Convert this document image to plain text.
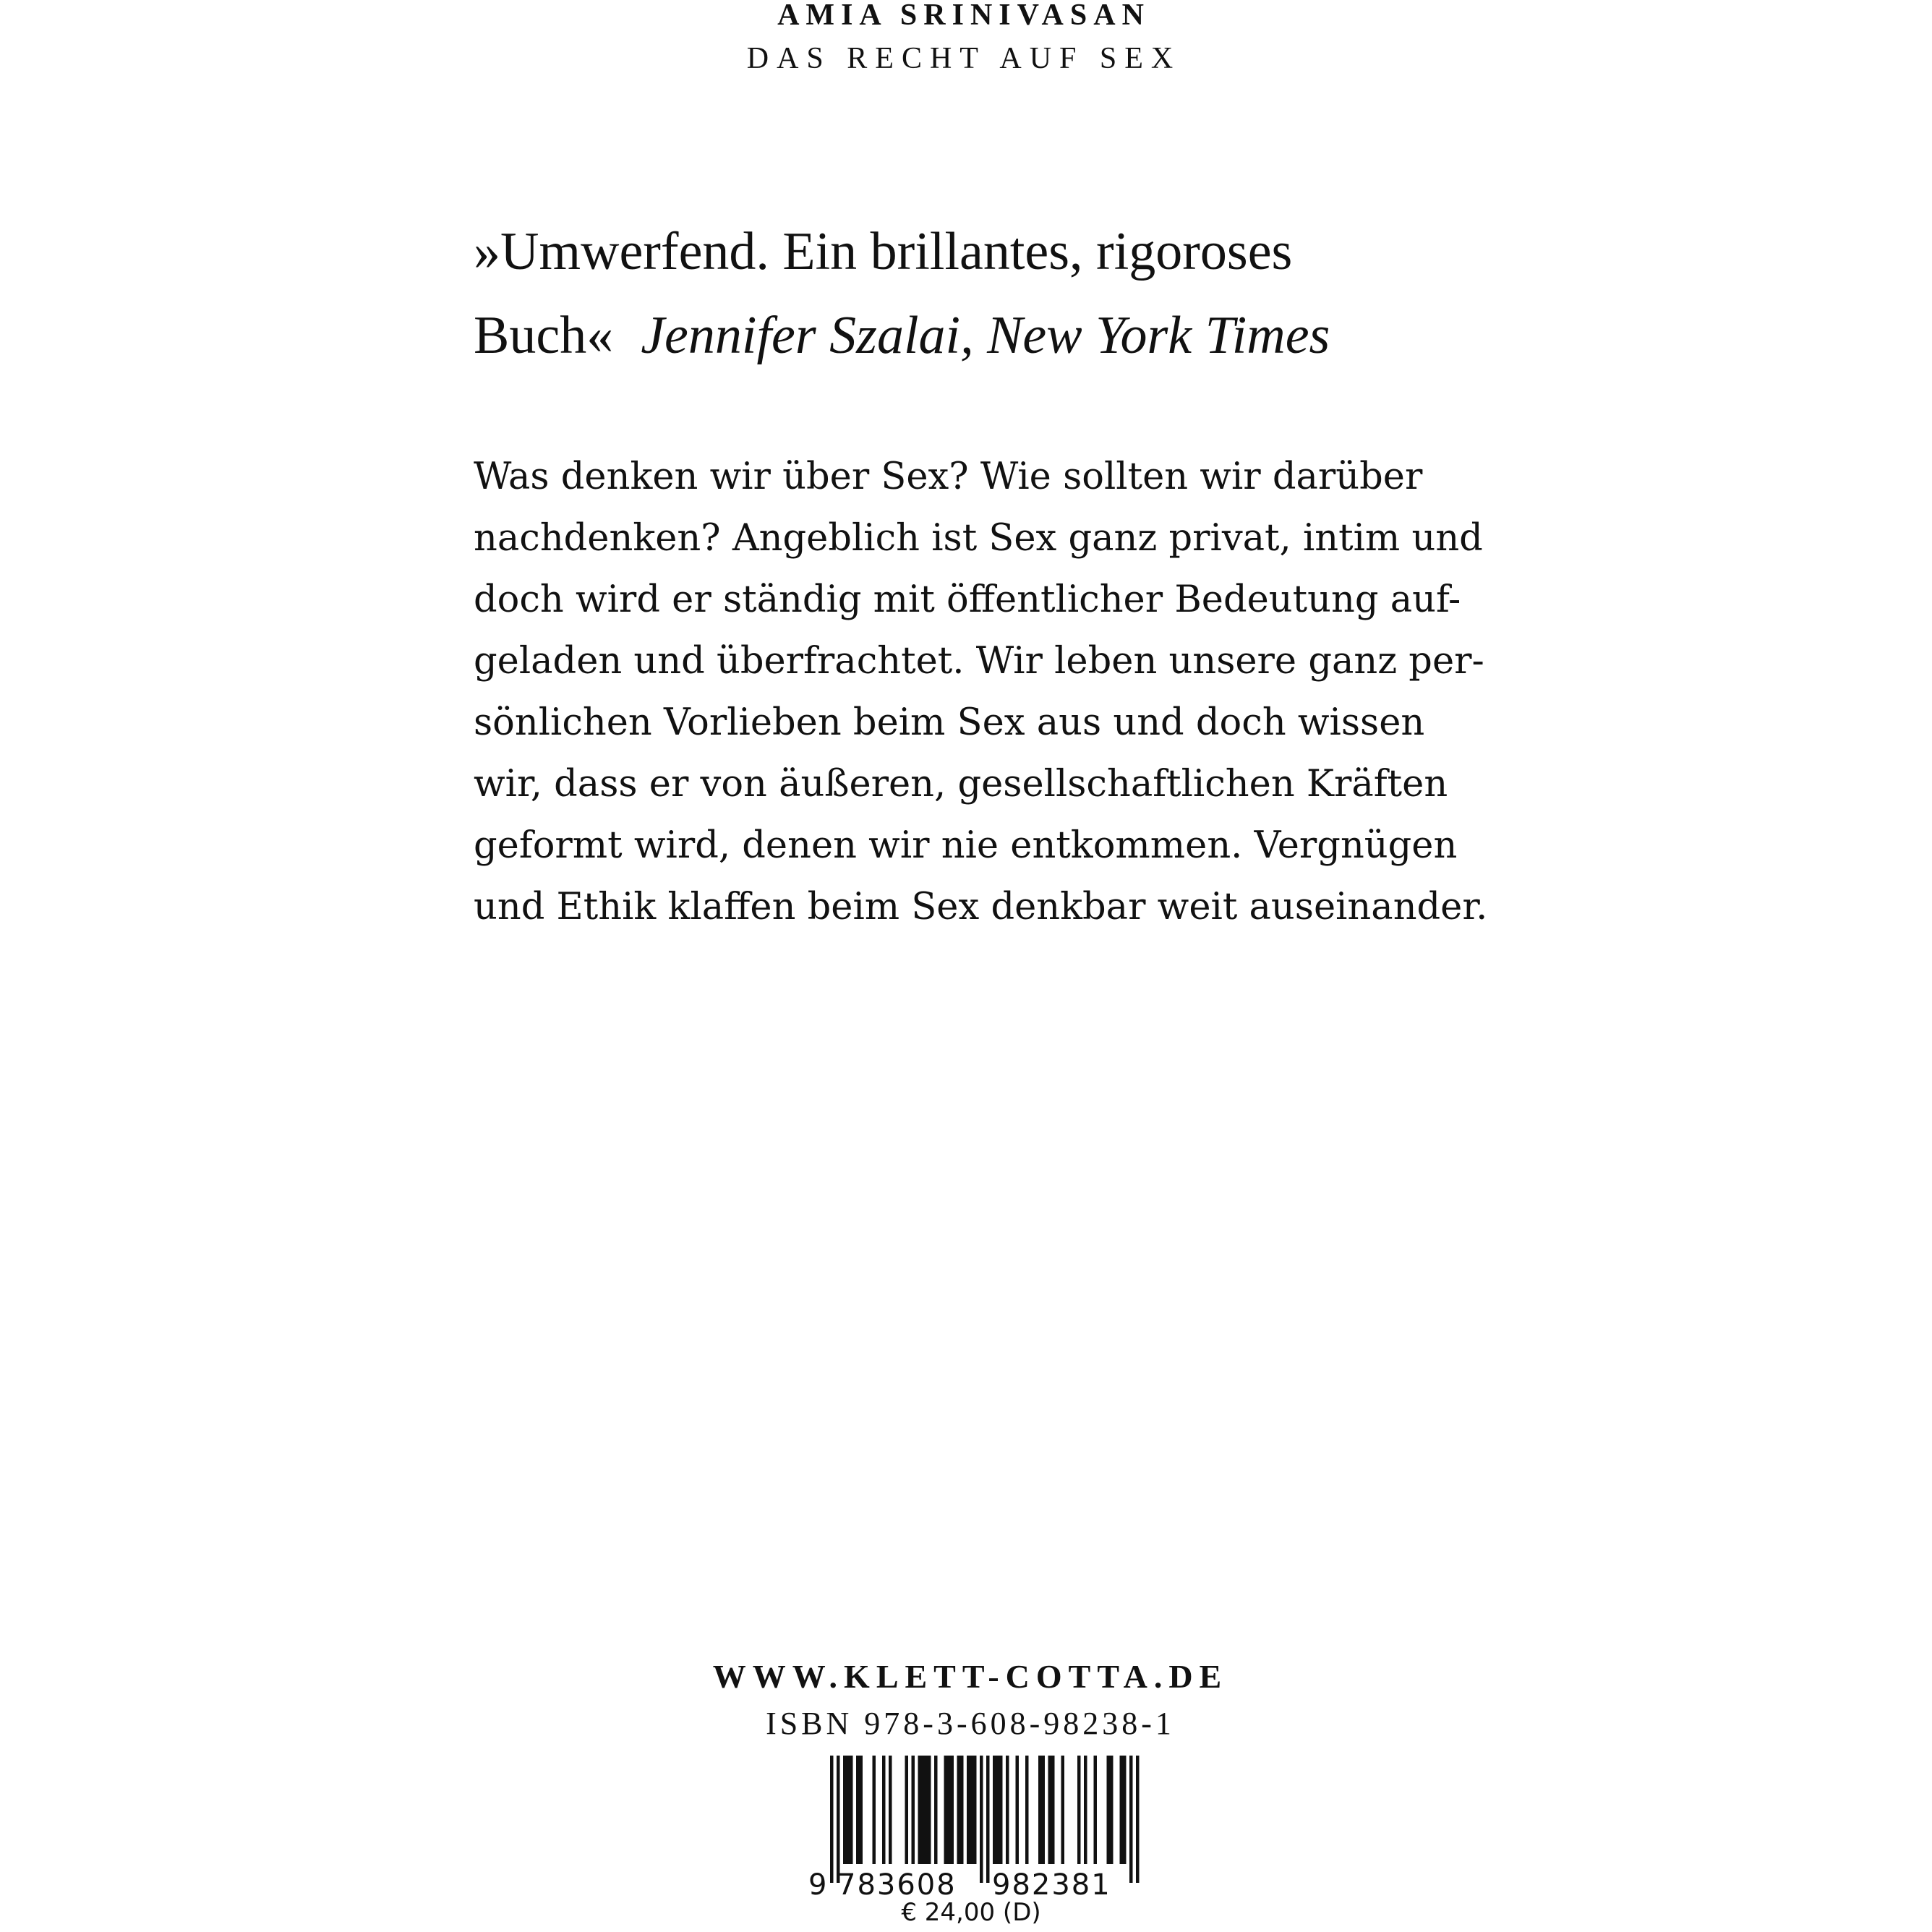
AMIA SRINIVASAN
DAS RECHT AUF SEX
»Umwerfend. Ein brillantes, rigoroses Buch« Jennifer Szalai, New York Times
Was denken wir über Sex? Wie sollten wir darüber
nachdenken? Angeblich ist Sex ganz privat, intim und
doch wird er ständig mit öffentlicher Bedeutung auf-
geladen und überfrachtet. Wir leben unsere ganz per-
sönlichen Vorlieben beim Sex aus und doch wissen
wir, dass er von äußeren, gesellschaftlichen Kräften
geformt wird, denen wir nie entkommen. Vergnügen
und Ethik klaffen beim Sex denkbar weit auseinander.
WWW.KLETT-COTTA.DE
ISBN 978-3-608-98238-1
9 783608 982381
€ 24,00 (D)
